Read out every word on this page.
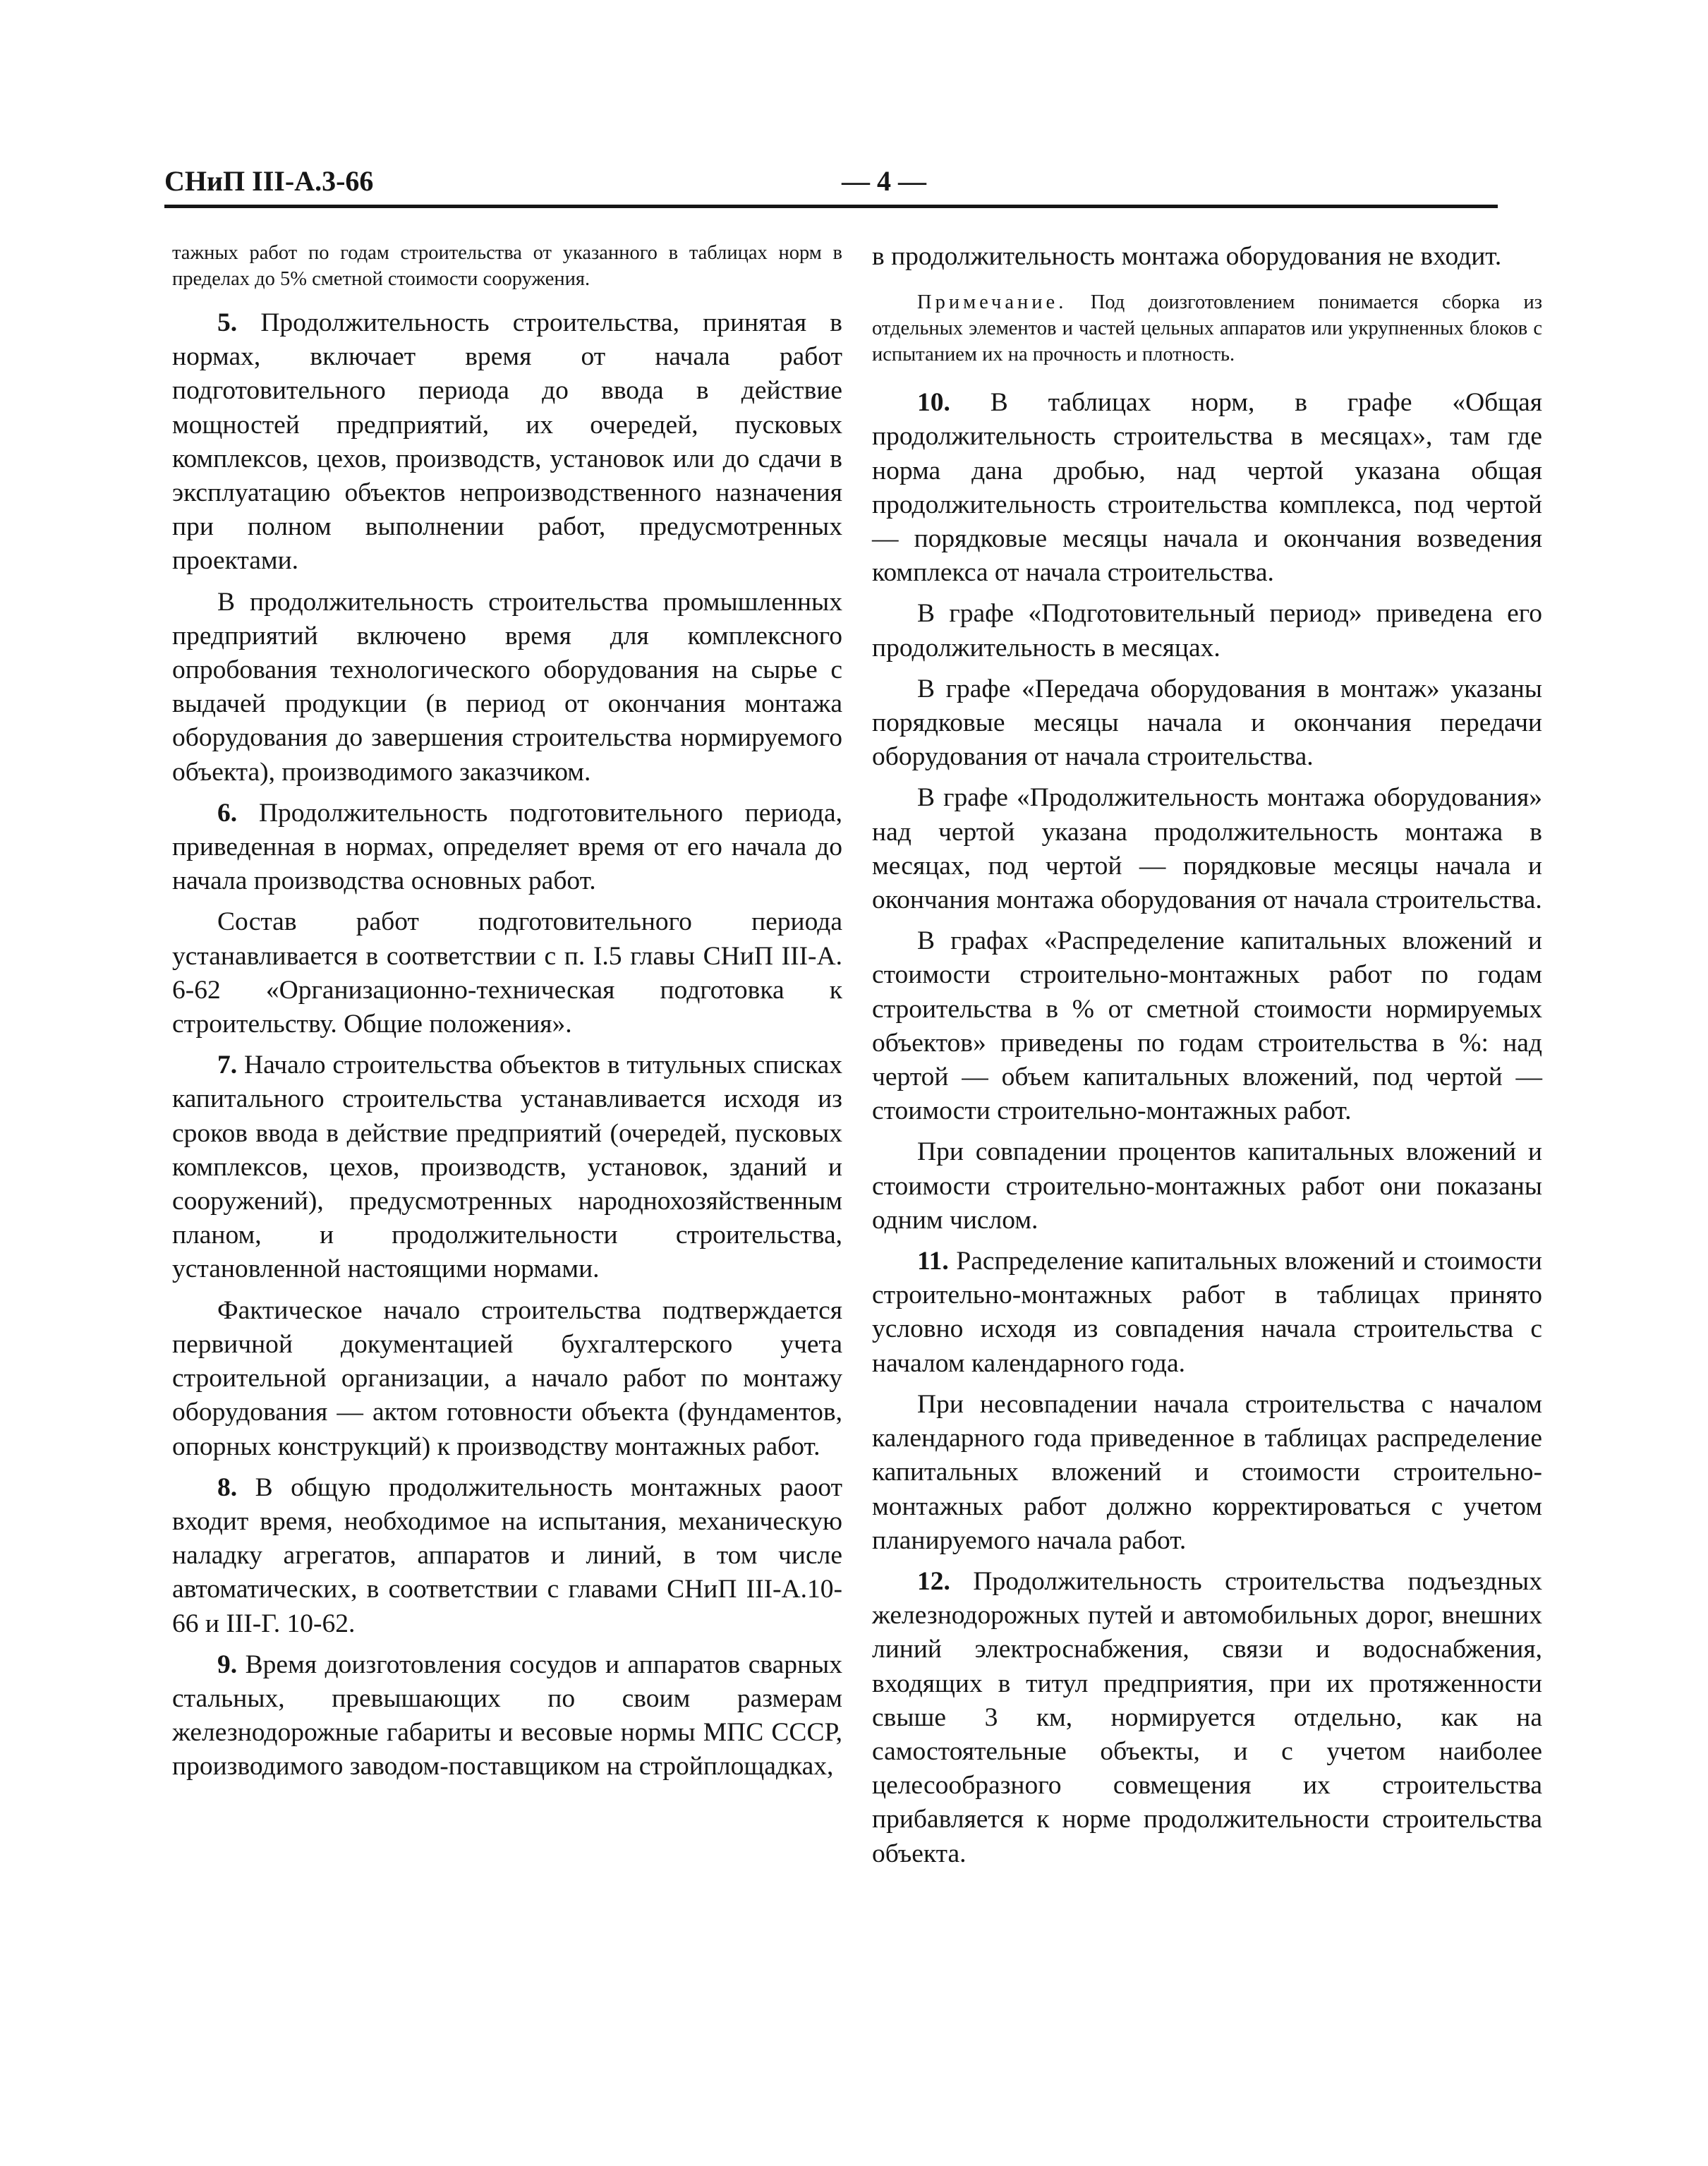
СНиП III-А.3-66	— 4 —

тажных работ по годам строительства от указанного в таблицах норм в пределах до 5% сметной стоимости сооружения.

5. Продолжительность строительства, принятая в нормах, включает время от начала работ подготовительного периода до ввода в действие мощностей предприятий, их очередей, пусковых комплексов, цехов, производств, установок или до сдачи в эксплуатацию объектов непроизводственного назначения при полном выполнении работ, предусмотренных проектами.

В продолжительность строительства промышленных предприятий включено время для комплексного опробования технологического оборудования на сырье с выдачей продукции (в период от окончания монтажа оборудования до завершения строительства нормируемого объекта), производимого заказчиком.

6. Продолжительность подготовительного периода, приведенная в нормах, определяет время от его начала до начала производства основных работ.

Состав работ подготовительного периода устанавливается в соответствии с п. I.5 главы СНиП III-А. 6-62 «Организационно-техническая подготовка к строительству. Общие положения».

7. Начало строительства объектов в титульных списках капитального строительства устанавливается исходя из сроков ввода в действие предприятий (очередей, пусковых комплексов, цехов, производств, установок, зданий и сооружений), предусмотренных народнохозяйственным планом, и продолжительности строительства, установленной настоящими нормами.

Фактическое начало строительства подтверждается первичной документацией бухгалтерского учета строительной организации, а начало работ по монтажу оборудования — актом готовности объекта (фундаментов, опорных конструкций) к производству монтажных работ.

8. В общую продолжительность монтажных раоот входит время, необходимое на испытания, механическую наладку агрегатов, аппаратов и линий, в том числе автоматических, в соответствии с главами СНиП III-А.10-66 и III-Г. 10-62.

9. Время доизготовления сосудов и аппаратов сварных стальных, превышающих по своим размерам железнодорожные габариты и весовые нормы МПС СССР, производимого заводом-поставщиком на стройплощадках,

в продолжительность монтажа оборудования не входит.

Примечание. Под доизготовлением понимается сборка из отдельных элементов и частей цельных аппаратов или укрупненных блоков с испытанием их на прочность и плотность.

10. В таблицах норм, в графе «Общая продолжительность строительства в месяцах», там где норма дана дробью, над чертой указана общая продолжительность строительства комплекса, под чертой — порядковые месяцы начала и окончания возведения комплекса от начала строительства.

В графе «Подготовительный период» приведена его продолжительность в месяцах.

В графе «Передача оборудования в монтаж» указаны порядковые месяцы начала и окончания передачи оборудования от начала строительства.

В графе «Продолжительность монтажа оборудования» над чертой указана продолжительность монтажа в месяцах, под чертой — порядковые месяцы начала и окончания монтажа оборудования от начала строительства.

В графах «Распределение капитальных вложений и стоимости строительно-монтажных работ по годам строительства в % от сметной стоимости нормируемых объектов» приведены по годам строительства в %: над чертой — объем капитальных вложений, под чертой — стоимости строительно-монтажных работ.

При совпадении процентов капитальных вложений и стоимости строительно-монтажных работ они показаны одним числом.

11. Распределение капитальных вложений и стоимости строительно-монтажных работ в таблицах принято условно исходя из совпадения начала строительства с началом календарного года.

При несовпадении начала строительства с началом календарного года приведенное в таблицах распределение капитальных вложений и стоимости строительно-монтажных работ должно корректироваться с учетом планируемого начала работ.

12. Продолжительность строительства подъездных железнодорожных путей и автомобильных дорог, внешних линий электроснабжения, связи и водоснабжения, входящих в титул предприятия, при их протяженности свыше 3 км, нормируется отдельно, как на самостоятельные объекты, и с учетом наиболее целесообразного совмещения их строительства прибавляется к норме продолжительности строительства объекта.
